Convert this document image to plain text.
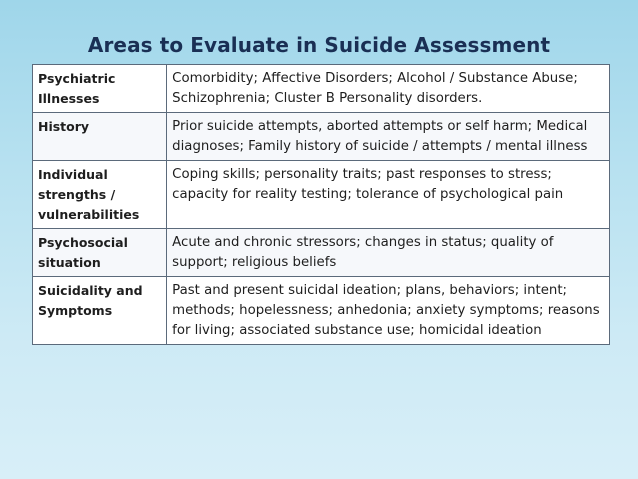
Areas to Evaluate in Suicide Assessment
Psychiatric Illnesses	Comorbidity; Affective Disorders; Alcohol / Substance Abuse; Schizophrenia; Cluster B Personality disorders.
History	Prior suicide attempts, aborted attempts or self harm; Medical diagnoses; Family history of suicide / attempts / mental illness
Individual strengths / vulnerabilities	Coping skills; personality traits; past responses to stress; capacity for reality testing; tolerance of psychological pain
Psychosocial situation	Acute and chronic stressors; changes in status; quality of support; religious beliefs
Suicidality and Symptoms	Past and present suicidal ideation; plans, behaviors; intent; methods; hopelessness; anhedonia; anxiety symptoms; reasons for living; associated substance use; homicidal ideation
